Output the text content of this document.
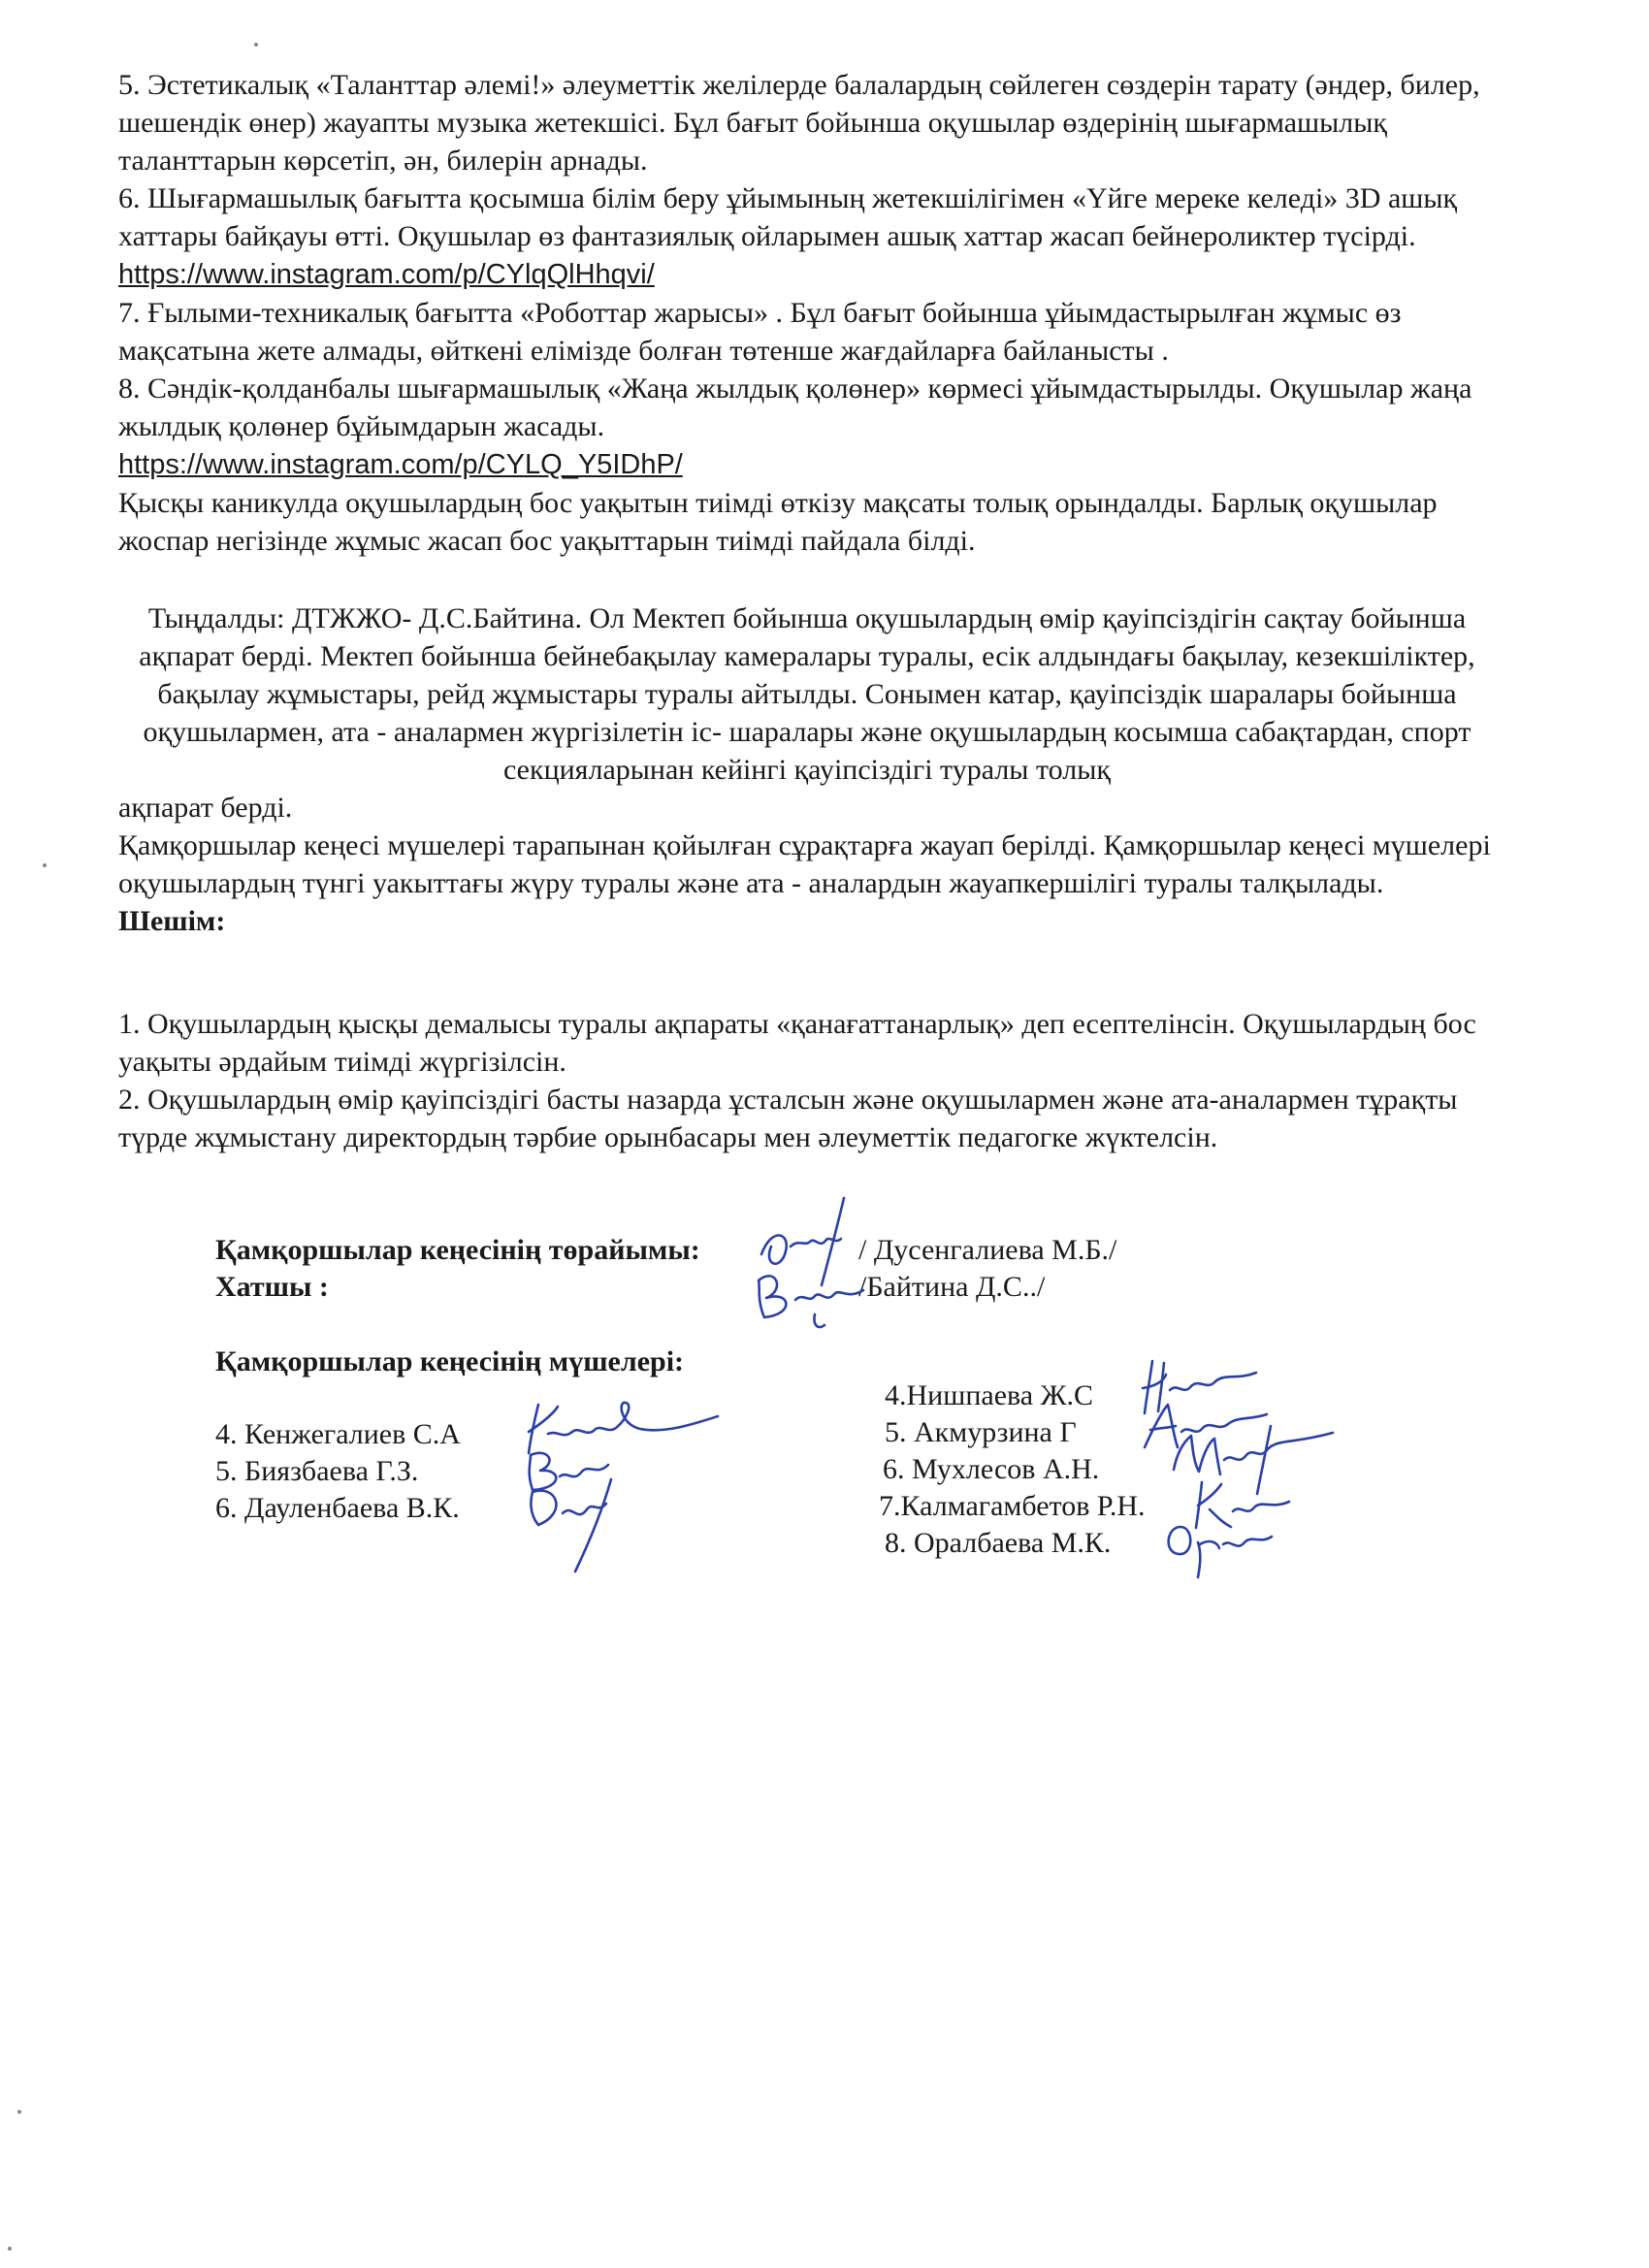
5. Эстетикалық «Таланттар әлемі!» әлеуметтік желілерде балалардың сөйлеген сөздерін тарату (әндер, билер, шешендік өнер) жауапты музыка жетекшісі. Бұл бағыт бойынша оқушылар өздерінің шығармашылық таланттарын көрсетіп, ән, билерін арнады.

6. Шығармашылық бағытта қосымша білім беру ұйымының жетекшілігімен «Үйге мереке келеді» 3D ашық хаттары байқауы өтті. Оқушылар өз фантазиялық ойларымен ашық хаттар жасап бейнероликтер түсірді. https://www.instagram.com/p/CYlqQlHhqvi/

7. Ғылыми-техникалық бағытта «Роботтар жарысы» . Бұл бағыт бойынша ұйымдастырылған жұмыс өз мақсатына жете алмады, өйткені елімізде болған төтенше жағдайларға байланысты .

8. Сәндік-қолданбалы шығармашылық «Жаңа жылдық қолөнер» көрмесі ұйымдастырылды. Оқушылар жаңа жылдық қолөнер бұйымдарын жасады.
https://www.instagram.com/p/CYLQ_Y5IDhP/

Қысқы каникулда оқушылардың бос уақытын тиімді өткізу мақсаты толық орындалды. Барлық оқушылар жоспар негізінде жұмыс жасап бос уақыттарын тиімді пайдала білді.

Тыңдалды: ДТЖЖО- Д.С.Байтина. Ол Мектеп бойынша оқушылардың өмір қауіпсіздігін сақтау бойынша ақпарат берді. Мектеп бойынша бейнебақылау камералары туралы, есік алдындағы бақылау, кезекшіліктер, бақылау жұмыстары, рейд жұмыстары туралы айтылды. Сонымен катар, қауіпсіздік шаралары бойынша оқушылармен, ата - аналармен жүргізілетін іс- шаралары және оқушылардың косымша сабақтардан, спорт секцияларынан кейінгі қауіпсіздігі туралы толық

ақпарат берді.

Қамқоршылар кеңесі мүшелері тарапынан қойылған сұрақтарға жауап берілді. Қамқоршылар кеңесі мүшелері оқушылардың түнгі уакыттағы жүру туралы және ата - аналардын жауапкершілігі туралы талқылады.

Шешім:

1. Оқушылардың қысқы демалысы туралы ақпараты «қанағаттанарлық» деп есептелінсін. Оқушылардың бос уақыты әрдайым тиімді жүргізілсін.

2. Оқушылардың өмір қауіпсіздігі басты назарда ұсталсын және оқушылармен және ата-аналармен тұрақты түрде жұмыстану директордың тәрбие орынбасары мен әлеуметтік педагогке жүктелсін.

Қамқоршылар кеңесінің төрайымы:	/ Дусенгалиева М.Б./
Хатшы :	/Байтина Д.С../
Қамқоршылар кеңесінің мүшелері:
4. Кенжегалиев С.А
5. Биязбаева Г.З.
6. Дауленбаева В.К.
4.Нишпаева Ж.С
5. Акмурзина Г
6. Мухлесов А.Н.
7.Калмагамбетов Р.Н.
8. Оралбаева М.К.
